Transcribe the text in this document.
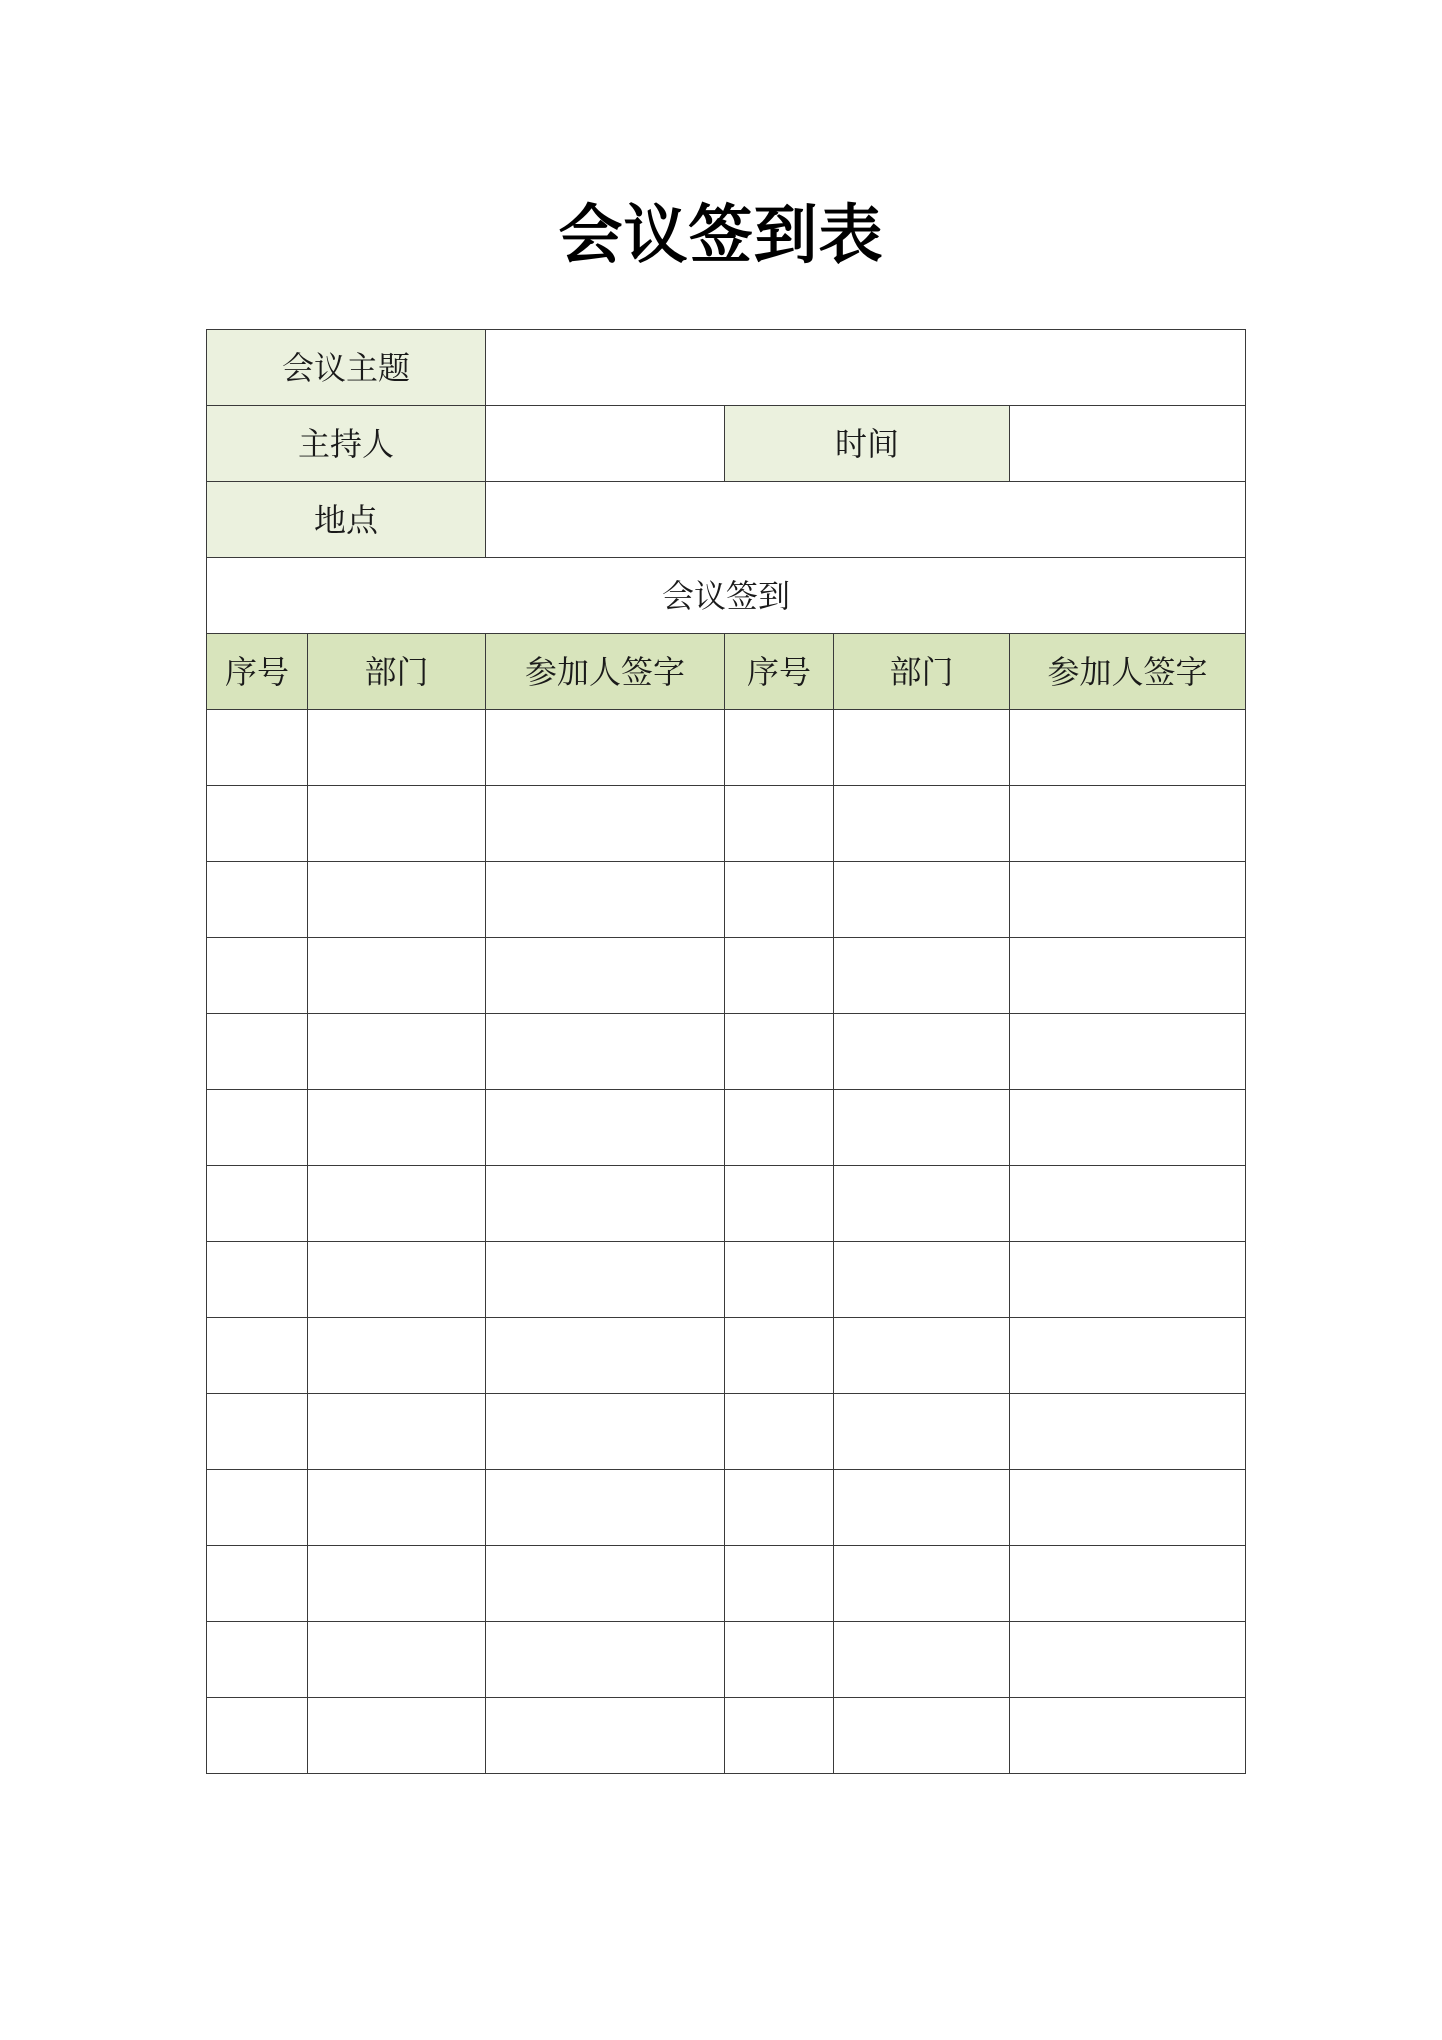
会议签到表
会议主题					
主持人			时间		
地点					
会议签到					
序号	部门	参加人签字	序号	部门	参加人签字
